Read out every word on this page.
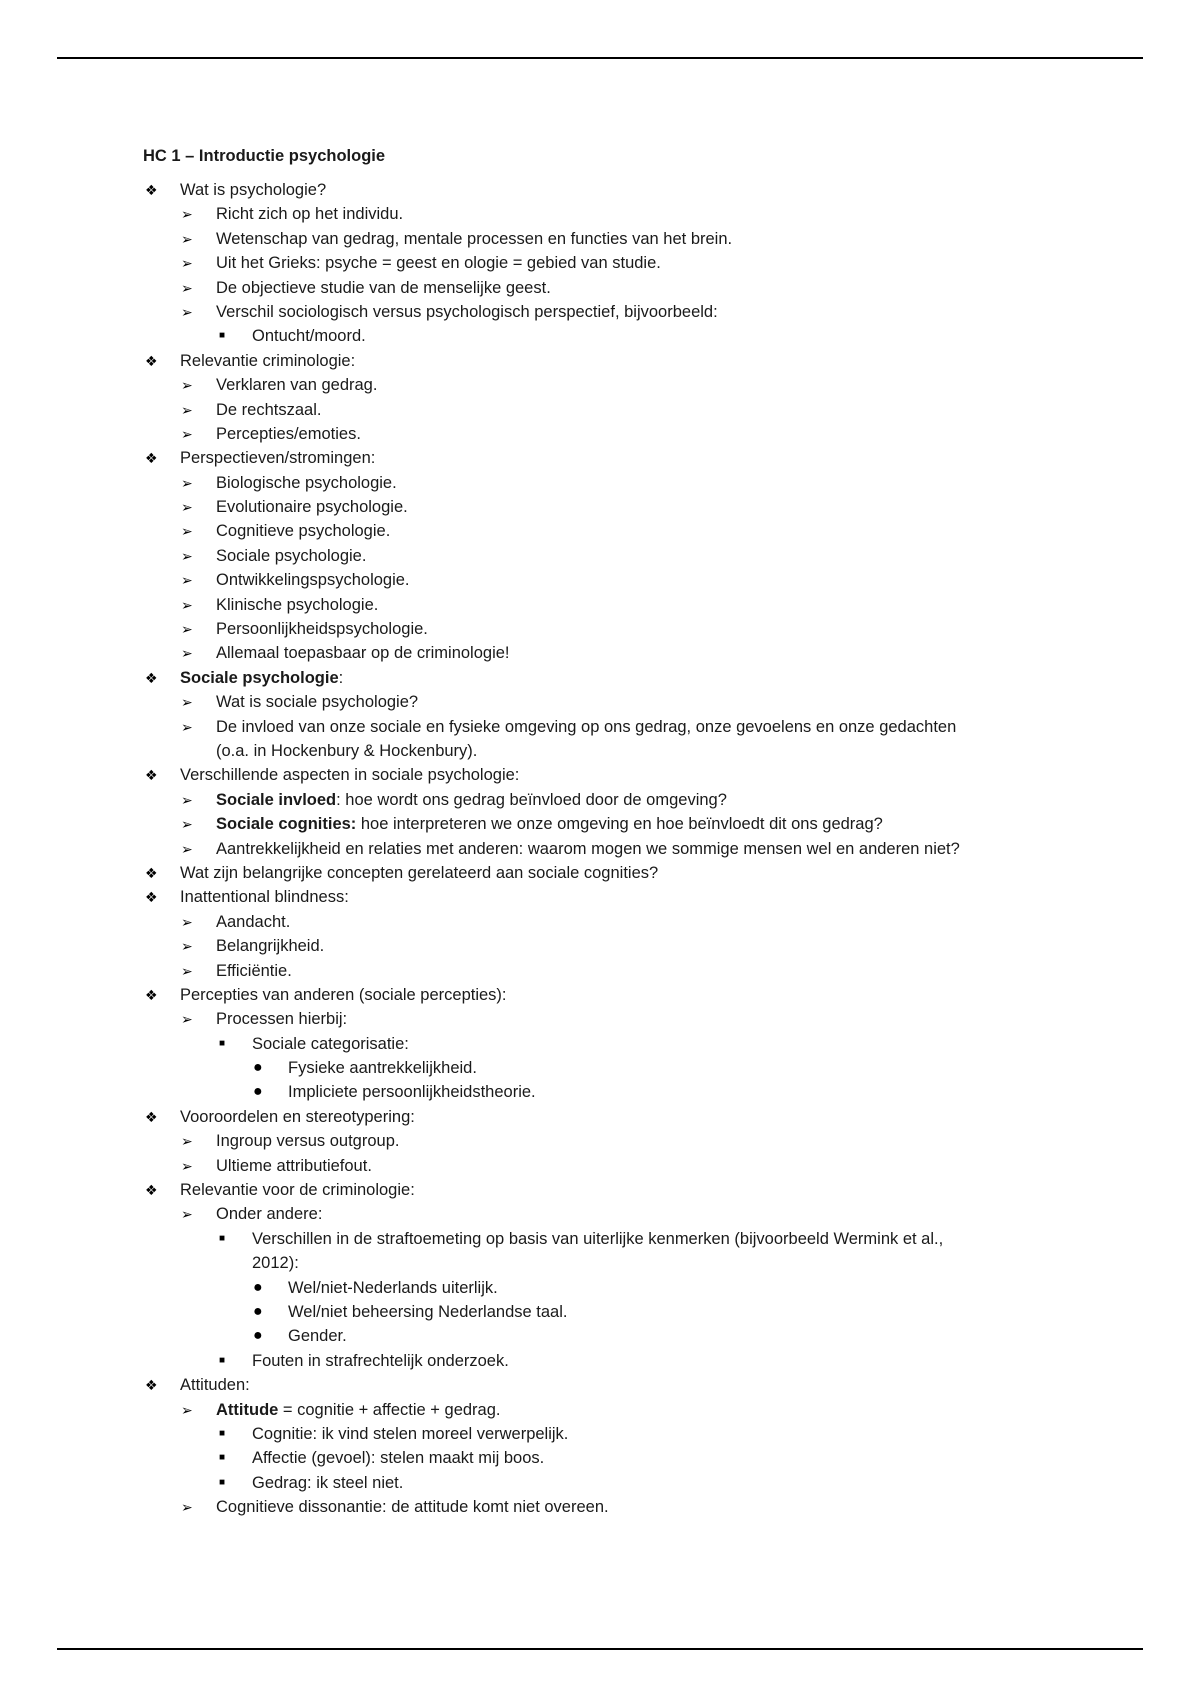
HC 1 – Introductie psychologie
❖ Wat is psychologie?
➢ Richt zich op het individu.
➢ Wetenschap van gedrag, mentale processen en functies van het brein.
➢ Uit het Grieks: psyche = geest en ologie = gebied van studie.
➢ De objectieve studie van de menselijke geest.
➢ Verschil sociologisch versus psychologisch perspectief, bijvoorbeeld:
■ Ontucht/moord.
❖ Relevantie criminologie:
➢ Verklaren van gedrag.
➢ De rechtszaal.
➢ Percepties/emoties.
❖ Perspectieven/stromingen:
➢ Biologische psychologie.
➢ Evolutionaire psychologie.
➢ Cognitieve psychologie.
➢ Sociale psychologie.
➢ Ontwikkelingspsychologie.
➢ Klinische psychologie.
➢ Persoonlijkheidspsychologie.
➢ Allemaal toepasbaar op de criminologie!
❖ Sociale psychologie:
➢ Wat is sociale psychologie?
➢ De invloed van onze sociale en fysieke omgeving op ons gedrag, onze gevoelens en onze gedachten
(o.a. in Hockenbury & Hockenbury).
❖ Verschillende aspecten in sociale psychologie:
➢ Sociale invloed: hoe wordt ons gedrag beïnvloed door de omgeving?
➢ Sociale cognities: hoe interpreteren we onze omgeving en hoe beïnvloedt dit ons gedrag?
➢ Aantrekkelijkheid en relaties met anderen: waarom mogen we sommige mensen wel en anderen niet?
❖ Wat zijn belangrijke concepten gerelateerd aan sociale cognities?
❖ Inattentional blindness:
➢ Aandacht.
➢ Belangrijkheid.
➢ Efficiëntie.
❖ Percepties van anderen (sociale percepties):
➢ Processen hierbij:
■ Sociale categorisatie:
● Fysieke aantrekkelijkheid.
● Impliciete persoonlijkheidstheorie.
❖ Vooroordelen en stereotypering:
➢ Ingroup versus outgroup.
➢ Ultieme attributiefout.
❖ Relevantie voor de criminologie:
➢ Onder andere:
■ Verschillen in de straftoemeting op basis van uiterlijke kenmerken (bijvoorbeeld Wermink et al.,
2012):
● Wel/niet-Nederlands uiterlijk.
● Wel/niet beheersing Nederlandse taal.
● Gender.
■ Fouten in strafrechtelijk onderzoek.
❖ Attituden:
➢ Attitude = cognitie + affectie + gedrag.
■ Cognitie: ik vind stelen moreel verwerpelijk.
■ Affectie (gevoel): stelen maakt mij boos.
■ Gedrag: ik steel niet.
➢ Cognitieve dissonantie: de attitude komt niet overeen.
